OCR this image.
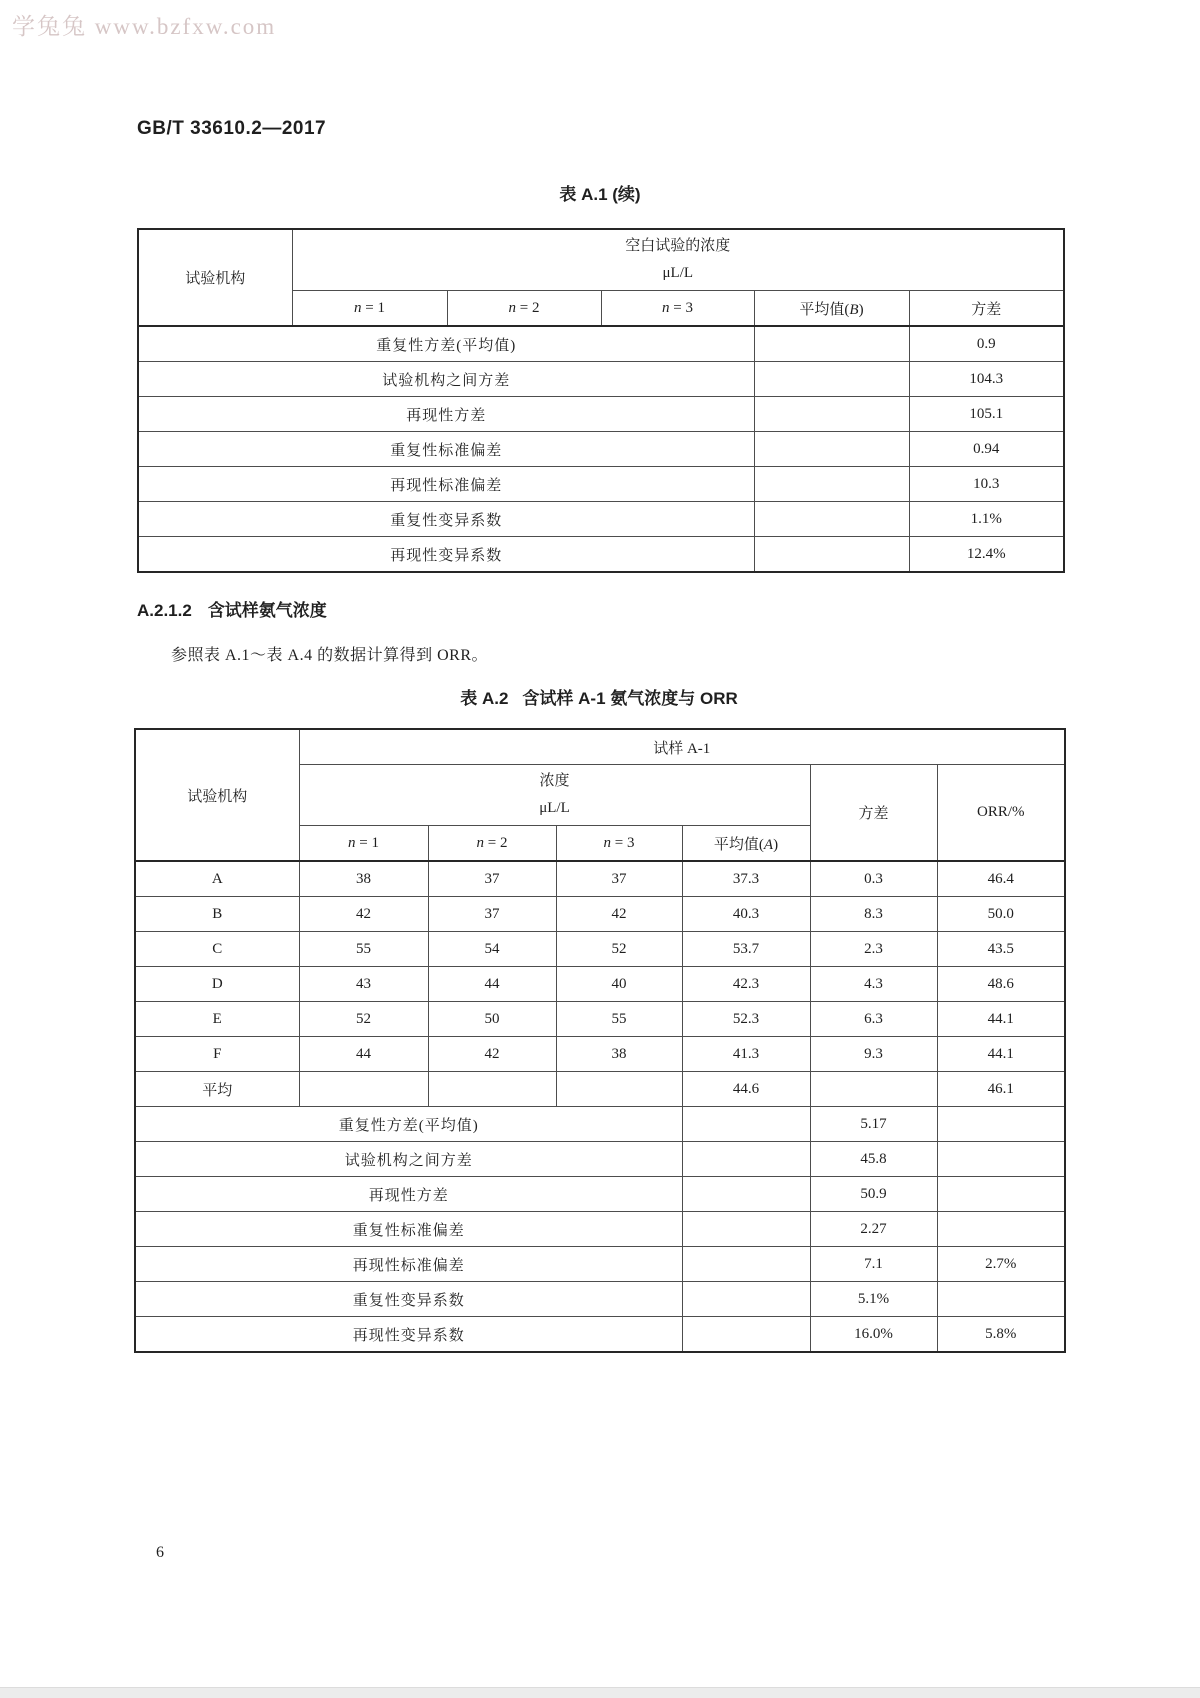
学兔兔 www.bzfxw.com
GB/T 33610.2—2017
表 A.1 (续)
试验机构	空白试验的浓度
μL/L				

	n = 1	n = 2	n = 3	平均值(B)	方差
重复性方差(平均值)					0.9
试验机构之间方差					104.3
再现性方差					105.1
重复性标准偏差					0.94
再现性标准偏差					10.3
重复性变异系数					1.1%
再现性变异系数					12.4%
A.2.1.2 含试样氨气浓度
参照表 A.1～表 A.4 的数据计算得到 ORR。
表 A.2 含试样 A-1 氨气浓度与 ORR
试验机构	试样 A-1					

	浓度
μL/L				方差	ORR/%
	n = 1	n = 2	n = 3	平均值(A)		
A	38	37	37	37.3	0.3	46.4
B	42	37	42	40.3	8.3	50.0
C	55	54	52	53.7	2.3	43.5
D	43	44	40	42.3	4.3	48.6
E	52	50	55	52.3	6.3	44.1
F	44	42	38	41.3	9.3	44.1
平均				44.6		46.1
重复性方差(平均值)					5.17	
试验机构之间方差					45.8	
再现性方差					50.9	
重复性标准偏差					2.27	
再现性标准偏差					7.1	2.7%
重复性变异系数					5.1%	
再现性变异系数					16.0%	5.8%
6
